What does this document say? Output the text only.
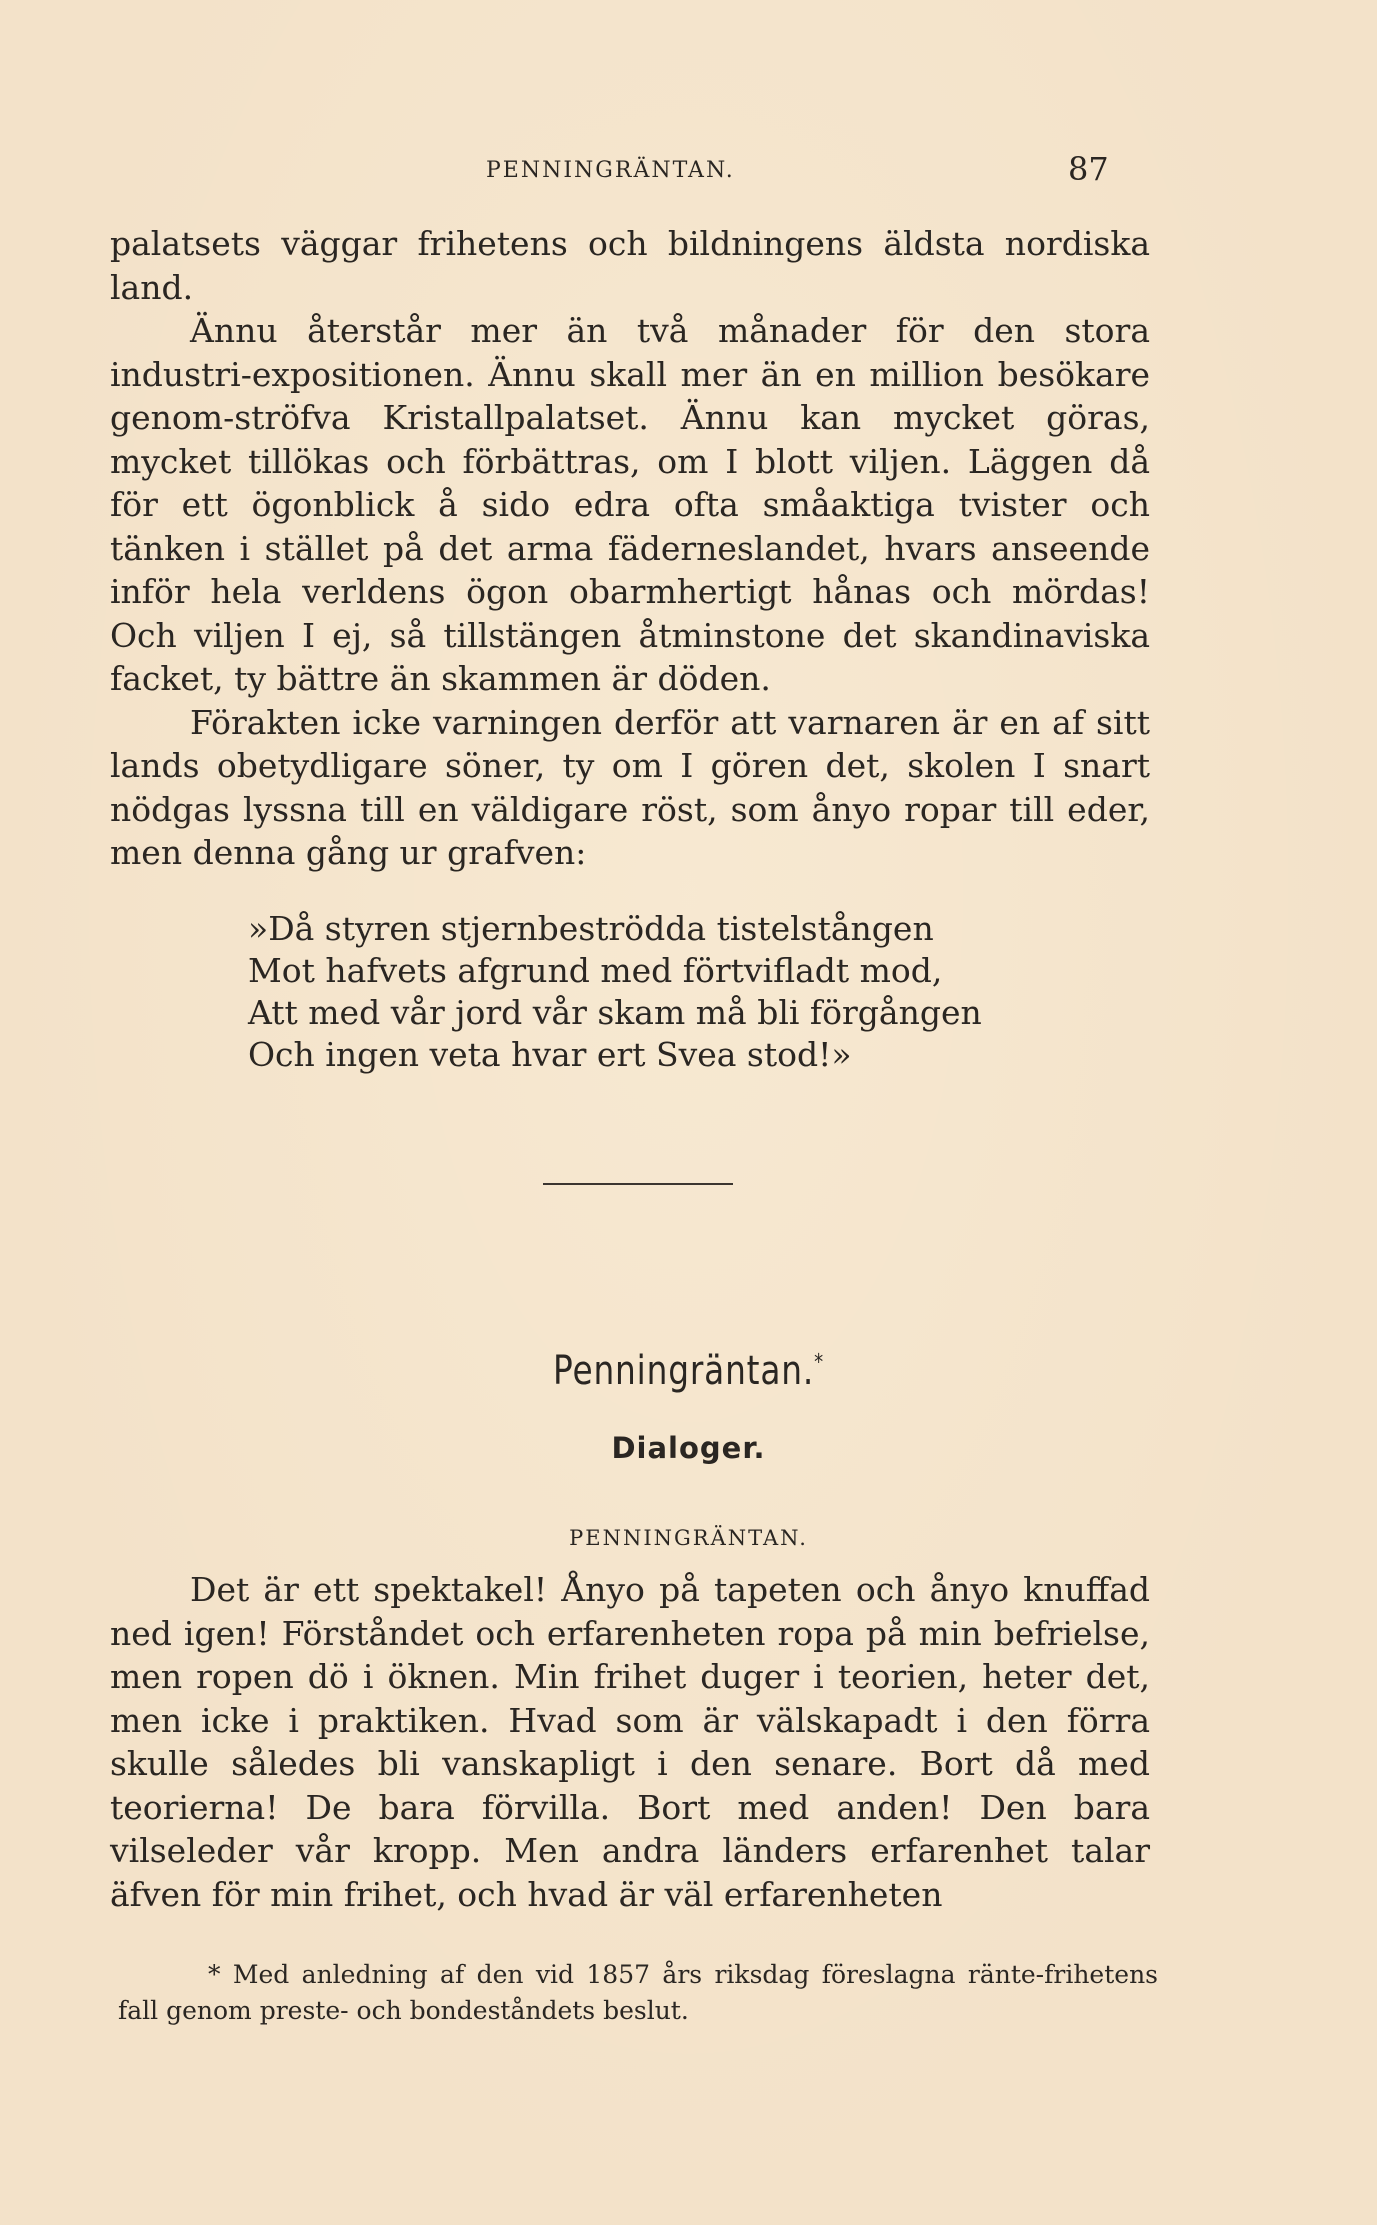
PENNINGRÄNTAN.	87

palatsets väggar frihetens och bildningens äldsta nordiska land.

Ännu återstår mer än två månader för den stora industri-expositionen. Ännu skall mer än en million besökare genom-ströfva Kristallpalatset. Ännu kan mycket göras, mycket tillökas och förbättras, om I blott viljen. Läggen då för ett ögonblick å sido edra ofta småaktiga tvister och tänken i stället på det arma fäderneslandet, hvars anseende inför hela verldens ögon obarmhertigt hånas och mördas! Och viljen I ej, så tillstängen åtminstone det skandinaviska facket, ty bättre än skammen är döden.

Förakten icke varningen derför att varnaren är en af sitt lands obetydligare söner, ty om I gören det, skolen I snart nödgas lyssna till en väldigare röst, som ånyo ropar till eder, men denna gång ur grafven:

»Då styren stjernbeströdda tistelstången
Mot hafvets afgrund med förtvifladt mod,
Att med vår jord vår skam må bli förgången
Och ingen veta hvar ert Svea stod!»
Penningräntan.*
Dialoger.
PENNINGRÄNTAN.

Det är ett spektakel! Ånyo på tapeten och ånyo knuffad ned igen! Förståndet och erfarenheten ropa på min befrielse, men ropen dö i öknen. Min frihet duger i teorien, heter det, men icke i praktiken. Hvad som är välskapadt i den förra skulle således bli vanskapligt i den senare. Bort då med teorierna! De bara förvilla. Bort med anden! Den bara vilseleder vår kropp. Men andra länders erfarenhet talar äfven för min frihet, och hvad är väl erfarenheten

* Med anledning af den vid 1857 års riksdag föreslagna ränte-frihetens fall genom preste- och bondeståndets beslut.
